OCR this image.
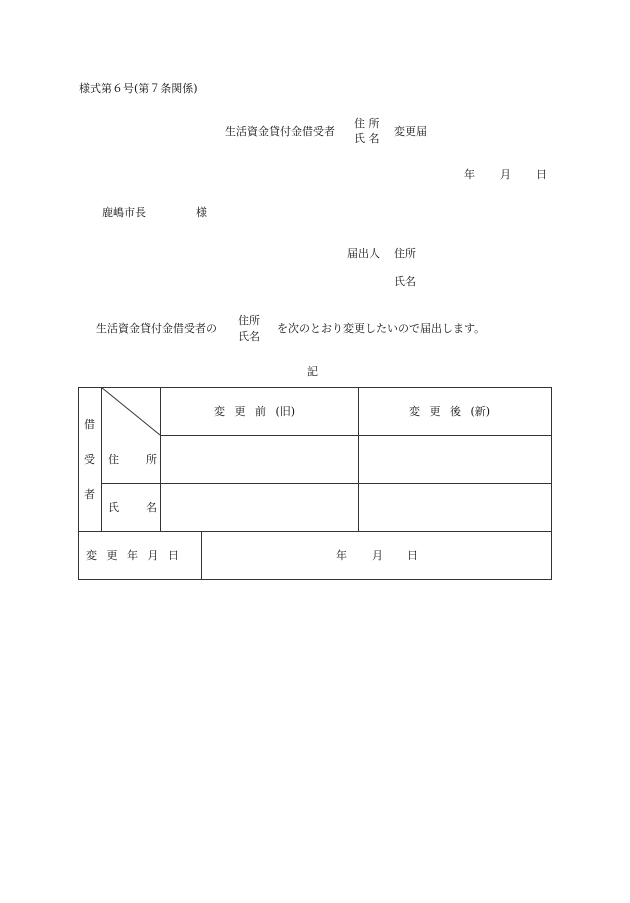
様式第６号(第７条関係)
生活資金貸付金借受者
住 所
氏 名
変更届
年 月 日
鹿嶋市長	様
届出人 住所
氏名
生活資金貸付金借受者の
住所
氏名
を次のとおり変更したいので届出します。
記
借
受
者
変 更 前 (旧)	変 更 後 (新)
住　所
氏　名
変 更 年 月 日	年 月 日
